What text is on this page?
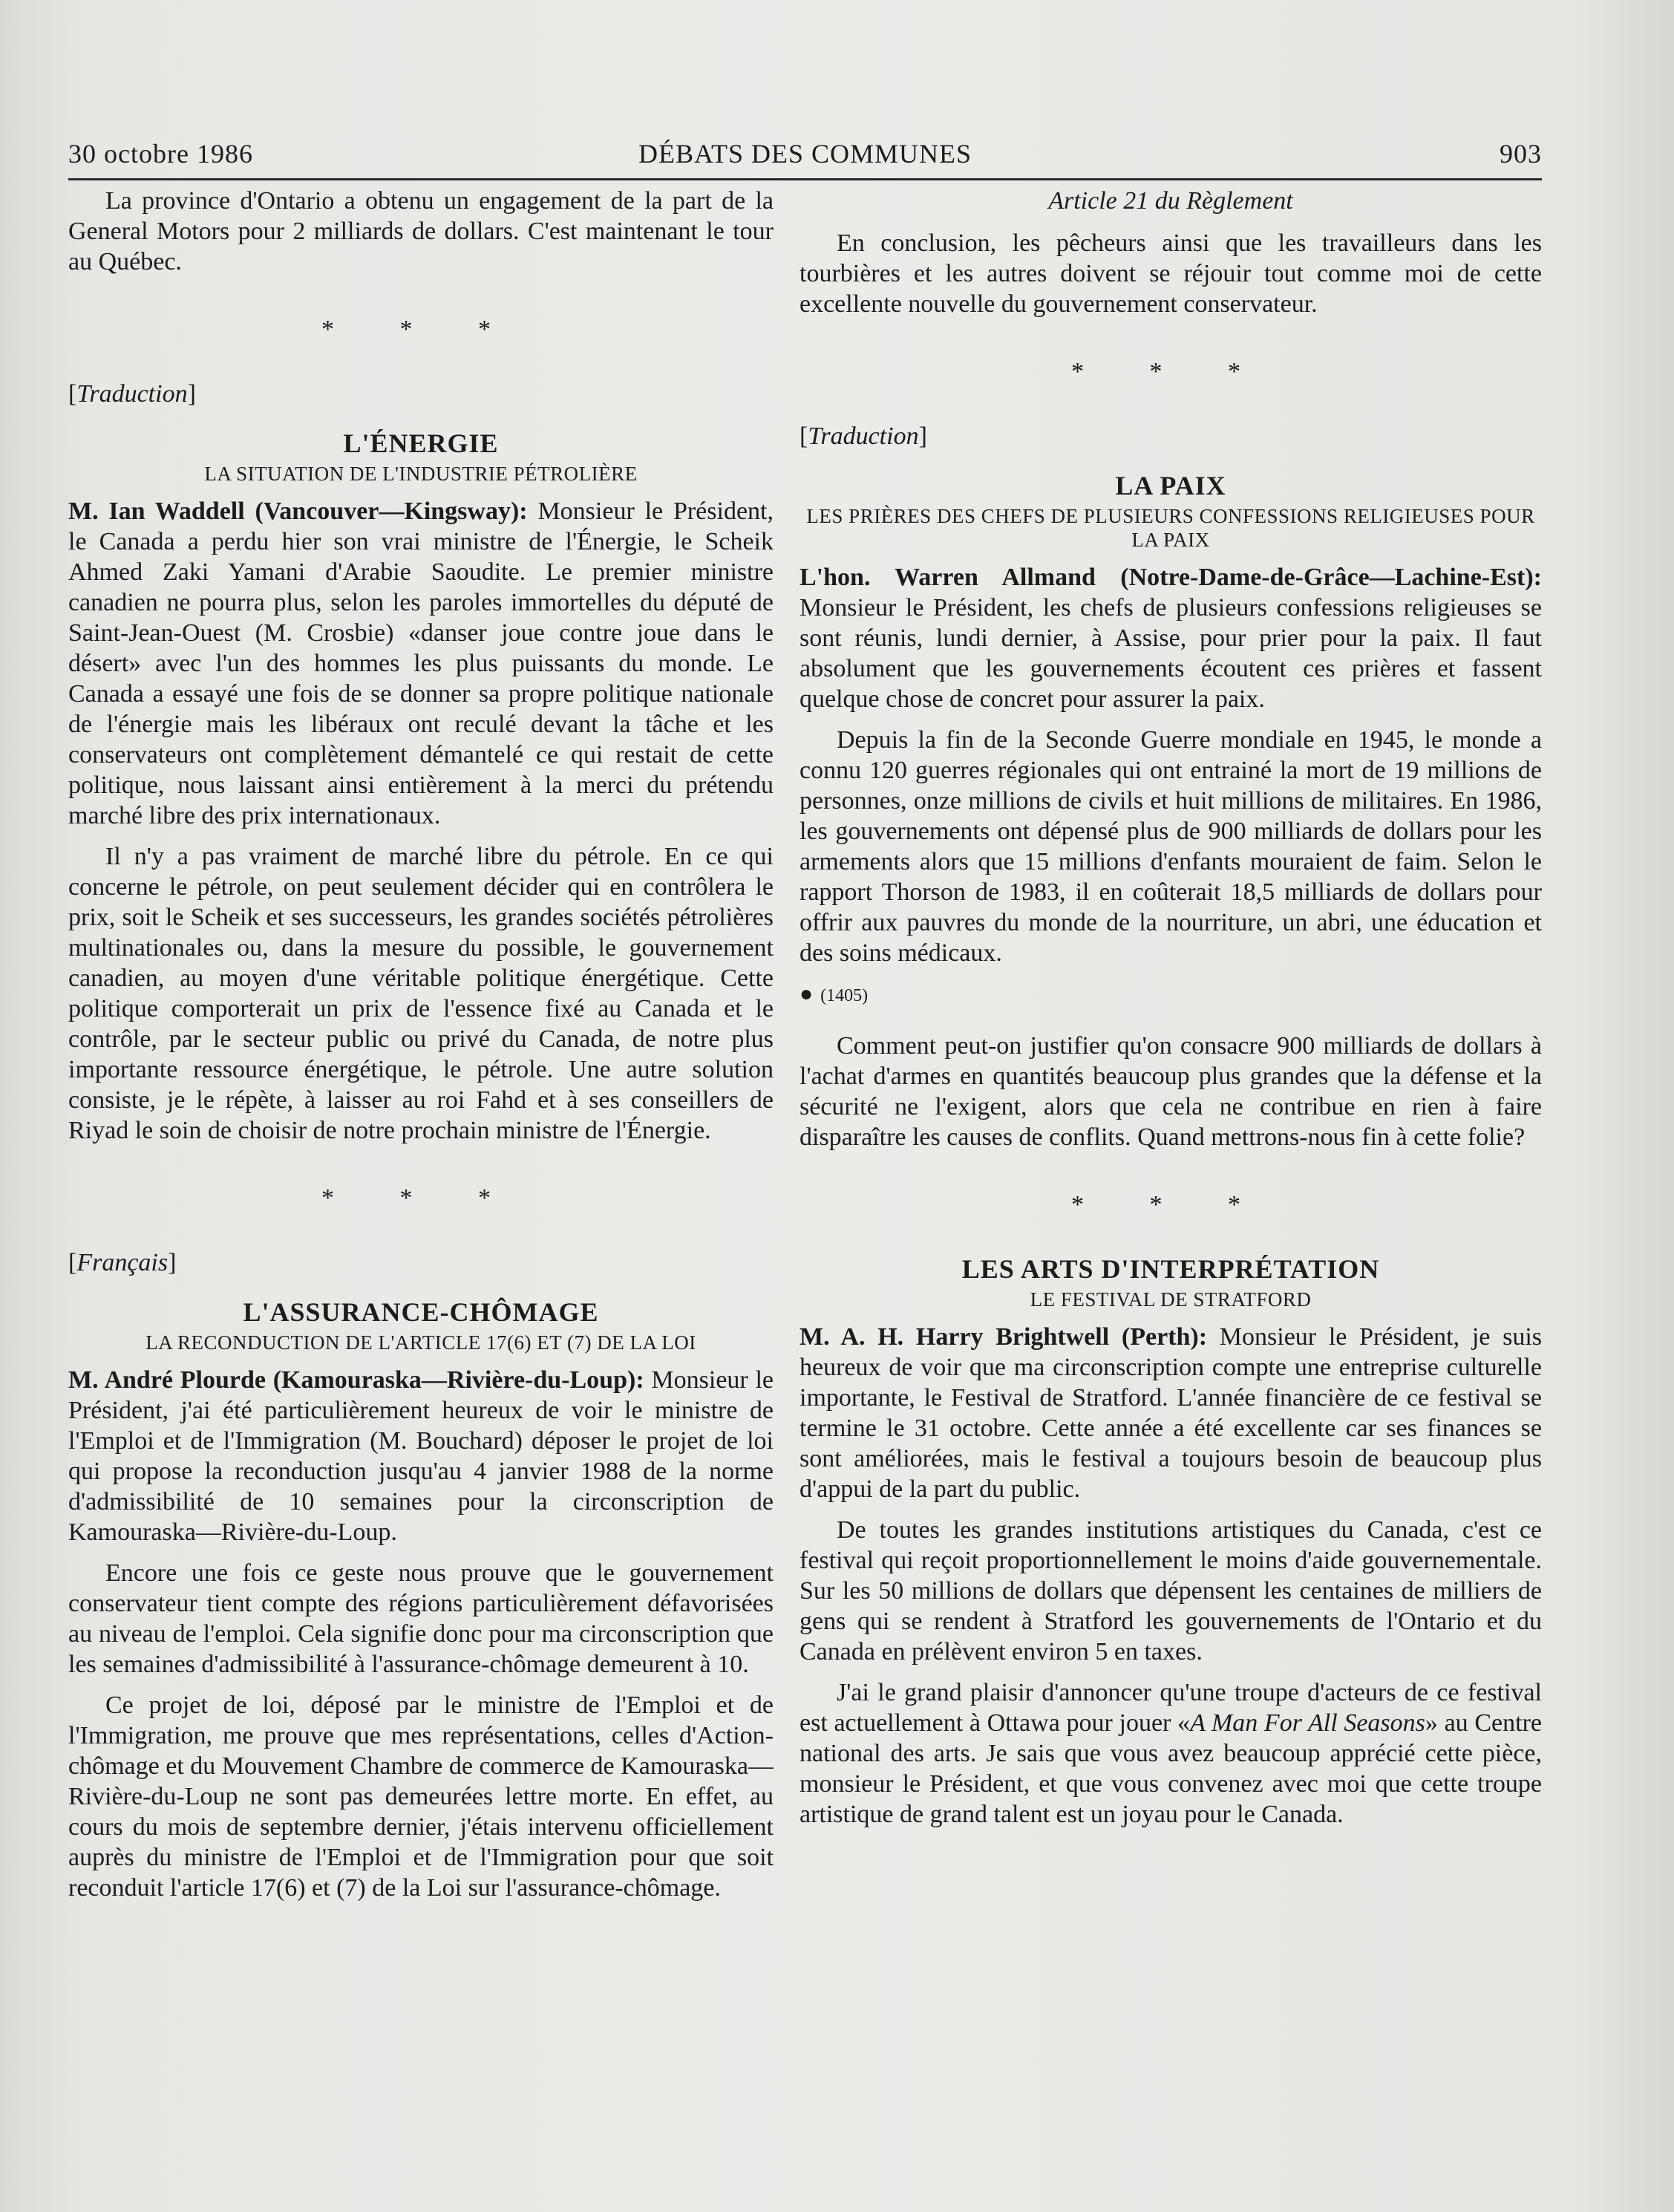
30 octobre 1986	DÉBATS DES COMMUNES	903

La province d'Ontario a obtenu un engagement de la part de la General Motors pour 2 milliards de dollars. C'est maintenant le tour au Québec.

* * *
[Traduction]
L'ÉNERGIE
LA SITUATION DE L'INDUSTRIE PÉTROLIÈRE

M. Ian Waddell (Vancouver—Kingsway): Monsieur le Président, le Canada a perdu hier son vrai ministre de l'Énergie, le Scheik Ahmed Zaki Yamani d'Arabie Saoudite. Le premier ministre canadien ne pourra plus, selon les paroles immortelles du député de Saint-Jean-Ouest (M. Crosbie) «danser joue contre joue dans le désert» avec l'un des hommes les plus puissants du monde. Le Canada a essayé une fois de se donner sa propre politique nationale de l'énergie mais les libéraux ont reculé devant la tâche et les conservateurs ont complètement démantelé ce qui restait de cette politique, nous laissant ainsi entièrement à la merci du prétendu marché libre des prix internationaux.

Il n'y a pas vraiment de marché libre du pétrole. En ce qui concerne le pétrole, on peut seulement décider qui en contrôlera le prix, soit le Scheik et ses successeurs, les grandes sociétés pétrolières multinationales ou, dans la mesure du possible, le gouvernement canadien, au moyen d'une véritable politique énergétique. Cette politique comporterait un prix de l'essence fixé au Canada et le contrôle, par le secteur public ou privé du Canada, de notre plus importante ressource énergétique, le pétrole. Une autre solution consiste, je le répète, à laisser au roi Fahd et à ses conseillers de Riyad le soin de choisir de notre prochain ministre de l'Énergie.

* * *
[Français]
L'ASSURANCE-CHÔMAGE
LA RECONDUCTION DE L'ARTICLE 17(6) ET (7) DE LA LOI

M. André Plourde (Kamouraska—Rivière-du-Loup): Monsieur le Président, j'ai été particulièrement heureux de voir le ministre de l'Emploi et de l'Immigration (M. Bouchard) déposer le projet de loi qui propose la reconduction jusqu'au 4 janvier 1988 de la norme d'admissibilité de 10 semaines pour la circonscription de Kamouraska—Rivière-du-Loup.

Encore une fois ce geste nous prouve que le gouvernement conservateur tient compte des régions particulièrement défavorisées au niveau de l'emploi. Cela signifie donc pour ma circonscription que les semaines d'admissibilité à l'assurance-chômage demeurent à 10.

Ce projet de loi, déposé par le ministre de l'Emploi et de l'Immigration, me prouve que mes représentations, celles d'Action-chômage et du Mouvement Chambre de commerce de Kamouraska—Rivière-du-Loup ne sont pas demeurées lettre morte. En effet, au cours du mois de septembre dernier, j'étais intervenu officiellement auprès du ministre de l'Emploi et de l'Immigration pour que soit reconduit l'article 17(6) et (7) de la Loi sur l'assurance-chômage.

Article 21 du Règlement

En conclusion, les pêcheurs ainsi que les travailleurs dans les tourbières et les autres doivent se réjouir tout comme moi de cette excellente nouvelle du gouvernement conservateur.

* * *
[Traduction]
LA PAIX
LES PRIÈRES DES CHEFS DE PLUSIEURS CONFESSIONS RELIGIEUSES POUR LA PAIX

L'hon. Warren Allmand (Notre-Dame-de-Grâce—Lachine-Est): Monsieur le Président, les chefs de plusieurs confessions religieuses se sont réunis, lundi dernier, à Assise, pour prier pour la paix. Il faut absolument que les gouvernements écoutent ces prières et fassent quelque chose de concret pour assurer la paix.

Depuis la fin de la Seconde Guerre mondiale en 1945, le monde a connu 120 guerres régionales qui ont entrainé la mort de 19 millions de personnes, onze millions de civils et huit millions de militaires. En 1986, les gouvernements ont dépensé plus de 900 milliards de dollars pour les armements alors que 15 millions d'enfants mouraient de faim. Selon le rapport Thorson de 1983, il en coûterait 18,5 milliards de dollars pour offrir aux pauvres du monde de la nourriture, un abri, une éducation et des soins médicaux.

● (1405)

Comment peut-on justifier qu'on consacre 900 milliards de dollars à l'achat d'armes en quantités beaucoup plus grandes que la défense et la sécurité ne l'exigent, alors que cela ne contribue en rien à faire disparaître les causes de conflits. Quand mettrons-nous fin à cette folie?

* * *
LES ARTS D'INTERPRÉTATION
LE FESTIVAL DE STRATFORD

M. A. H. Harry Brightwell (Perth): Monsieur le Président, je suis heureux de voir que ma circonscription compte une entreprise culturelle importante, le Festival de Stratford. L'année financière de ce festival se termine le 31 octobre. Cette année a été excellente car ses finances se sont améliorées, mais le festival a toujours besoin de beaucoup plus d'appui de la part du public.

De toutes les grandes institutions artistiques du Canada, c'est ce festival qui reçoit proportionnellement le moins d'aide gouvernementale. Sur les 50 millions de dollars que dépensent les centaines de milliers de gens qui se rendent à Stratford les gouvernements de l'Ontario et du Canada en prélèvent environ 5 en taxes.

J'ai le grand plaisir d'annoncer qu'une troupe d'acteurs de ce festival est actuellement à Ottawa pour jouer «A Man For All Seasons» au Centre national des arts. Je sais que vous avez beaucoup apprécié cette pièce, monsieur le Président, et que vous convenez avec moi que cette troupe artistique de grand talent est un joyau pour le Canada.
